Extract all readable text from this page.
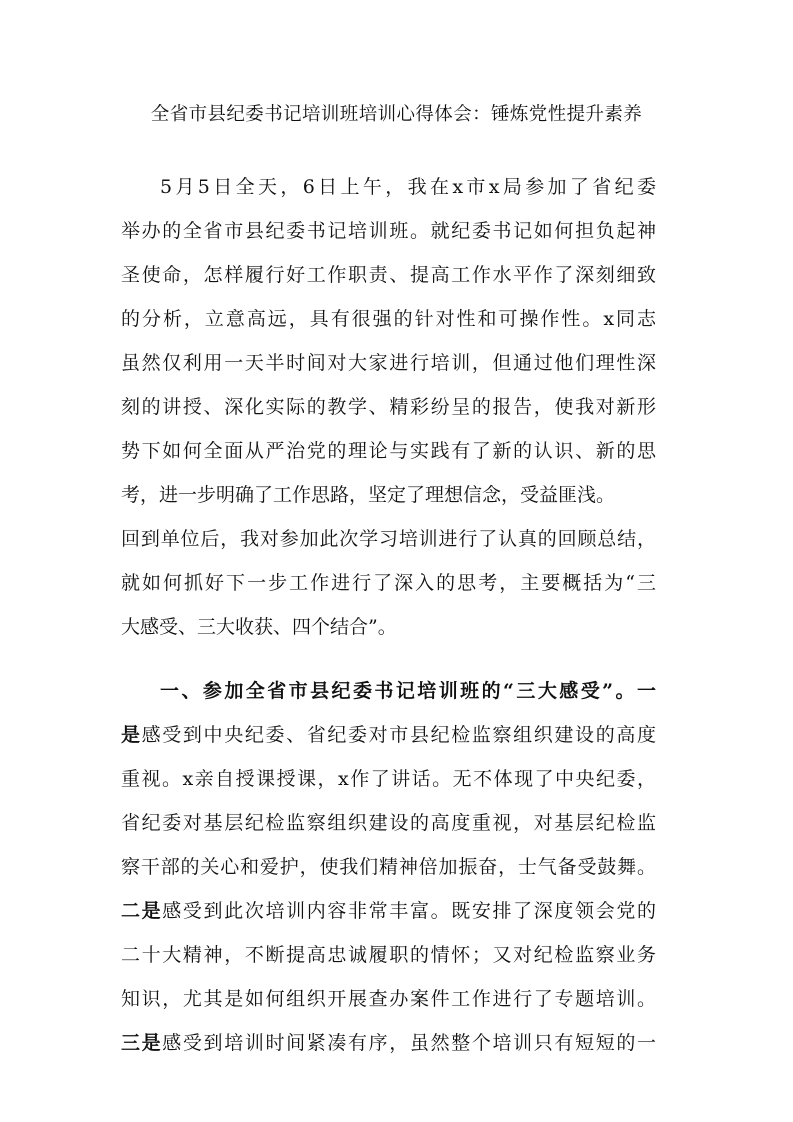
全省市县纪委书记培训班培训心得体会：锤炼党性提升素养
5月5日全天，6日上午，我在x市x局参加了省纪委
举办的全省市县纪委书记培训班。就纪委书记如何担负起神
圣使命，怎样履行好工作职责、提高工作水平作了深刻细致
的分析，立意高远，具有很强的针对性和可操作性。x同志
虽然仅利用一天半时间对大家进行培训，但通过他们理性深
刻的讲授、深化实际的教学、精彩纷呈的报告，使我对新形
势下如何全面从严治党的理论与实践有了新的认识、新的思
考，进一步明确了工作思路，坚定了理想信念，受益匪浅。
回到单位后，我对参加此次学习培训进行了认真的回顾总结，
就如何抓好下一步工作进行了深入的思考，主要概括为“三
大感受、三大收获、四个结合”。
一、参加全省市县纪委书记培训班的“三大感受”。一
是感受到中央纪委、省纪委对市县纪检监察组织建设的高度
重视。x亲自授课授课，x作了讲话。无不体现了中央纪委，
省纪委对基层纪检监察组织建设的高度重视，对基层纪检监
察干部的关心和爱护，使我们精神倍加振奋，士气备受鼓舞。
二是感受到此次培训内容非常丰富。既安排了深度领会党的
二十大精神，不断提高忠诚履职的情怀；又对纪检监察业务
知识，尤其是如何组织开展查办案件工作进行了专题培训。
三是感受到培训时间紧凑有序，虽然整个培训只有短短的一
